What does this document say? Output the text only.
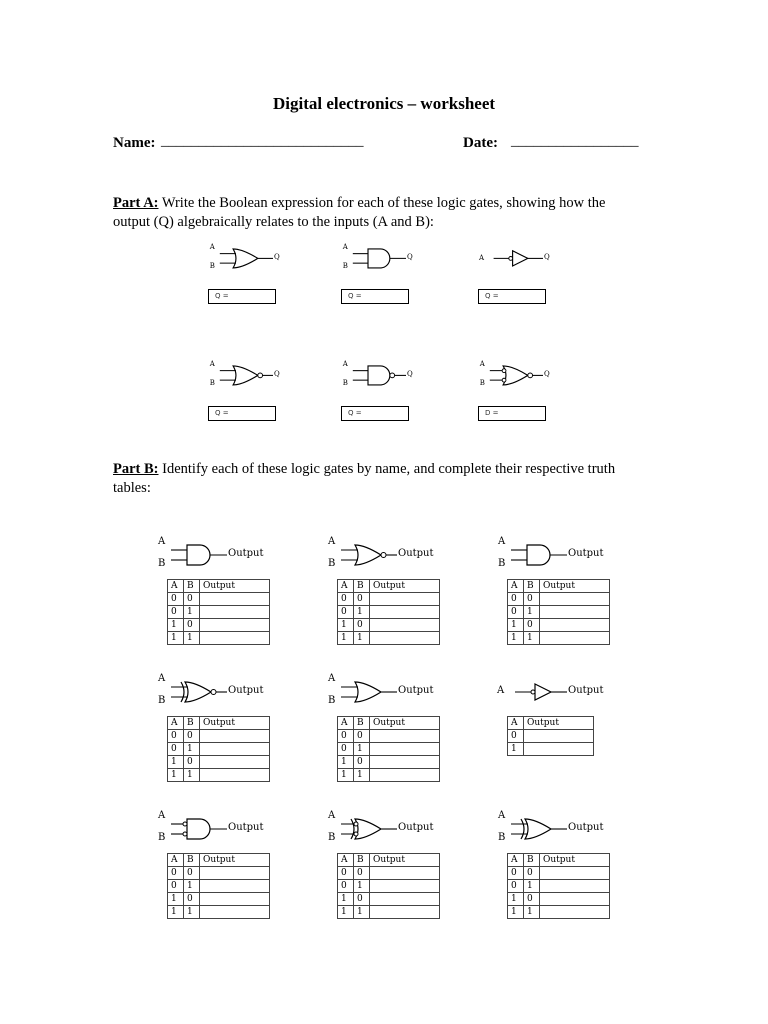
Digital electronics – worksheet
Name: ___________________________	Date: _________________
Part A: Write the Boolean expression for each of these logic gates, showing how the
output (Q) algebraically relates to the inputs (A and B):
A
B
Q
Q =
A
B
Q
Q =
A	Q
Q =
A
B
Q
Q =
A
B
Q
Q =
A
B
Q
D =
Part B: Identify each of these logic gates by name, and complete their respective truth
tables:
A
B
Output
A	B	Output
0	0	
0	1	
1	0	
1	1	
A
B
Output
A	B	Output
0	0	
0	1	
1	0	
1	1	
A
B
Output
A	B	Output
0	0	
0	1	
1	0	
1	1	
A
B
Output
A	B	Output
0	0	
0	1	
1	0	
1	1	
A
B
Output
A	B	Output
0	0	
0	1	
1	0	
1	1	
A	Output
A	Output
0	
1	
A
B
Output
A	B	Output
0	0	
0	1	
1	0	
1	1	
A
B
Output
A	B	Output
0	0	
0	1	
1	0	
1	1	
A
B
Output
A	B	Output
0	0	
0	1	
1	0	
1	1	
